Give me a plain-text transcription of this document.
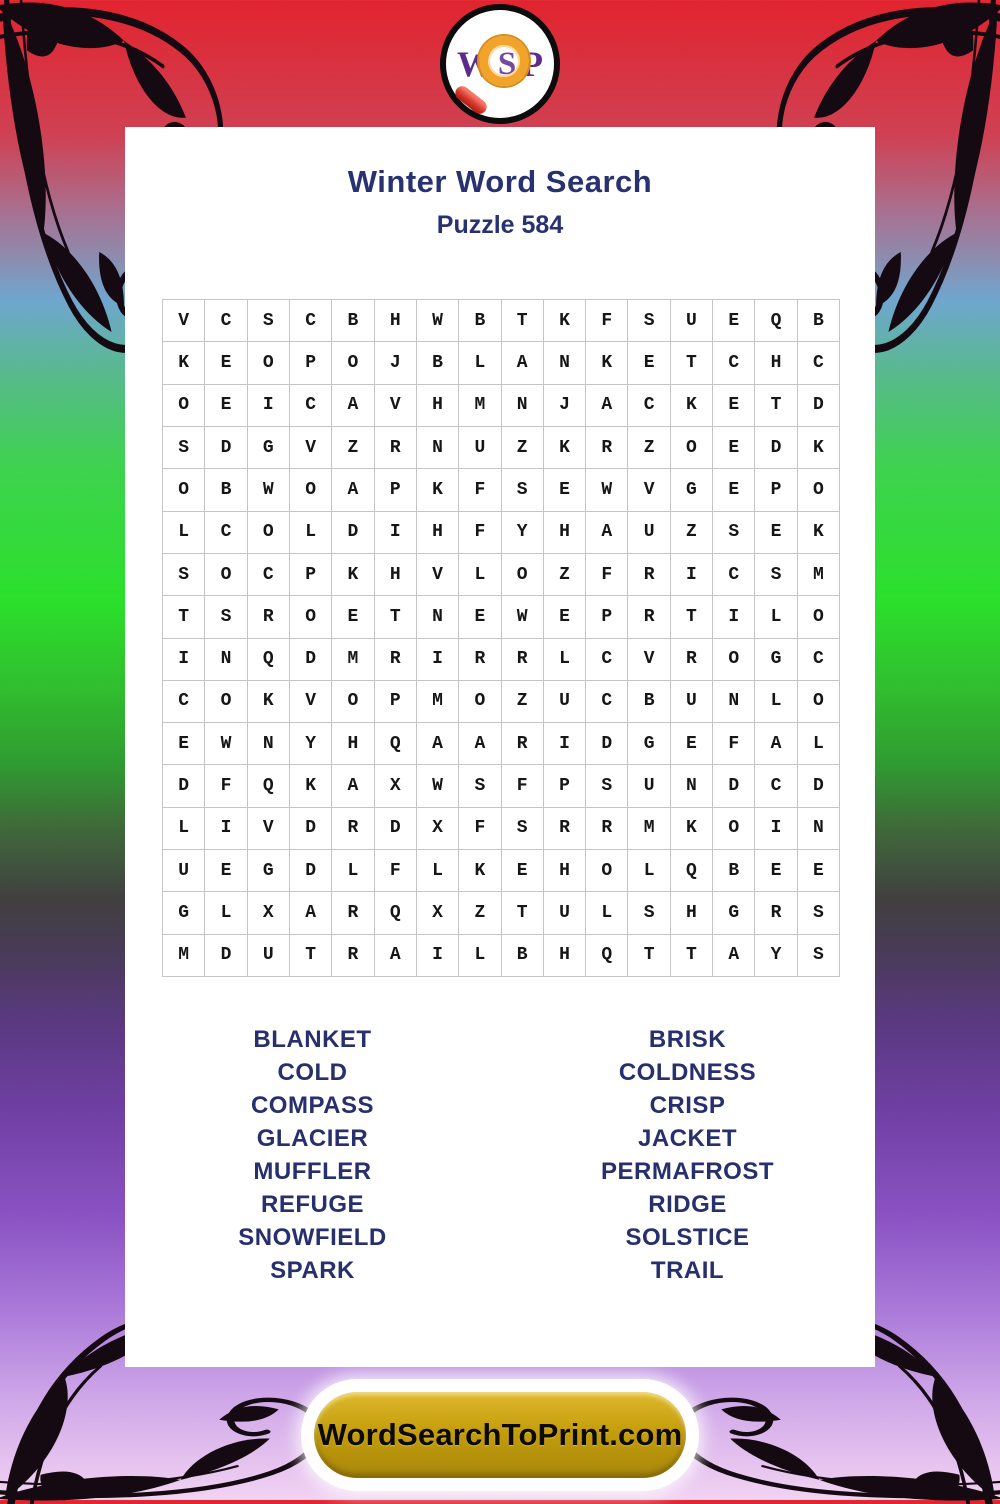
W S P
Winter Word Search
Puzzle 584
V	C	S	C	B	H	W	B	T	K	F	S	U	E	Q	B
K	E	O	P	O	J	B	L	A	N	K	E	T	C	H	C
O	E	I	C	A	V	H	M	N	J	A	C	K	E	T	D
S	D	G	V	Z	R	N	U	Z	K	R	Z	O	E	D	K
O	B	W	O	A	P	K	F	S	E	W	V	G	E	P	O
L	C	O	L	D	I	H	F	Y	H	A	U	Z	S	E	K
S	O	C	P	K	H	V	L	O	Z	F	R	I	C	S	M
T	S	R	O	E	T	N	E	W	E	P	R	T	I	L	O
I	N	Q	D	M	R	I	R	R	L	C	V	R	O	G	C
C	O	K	V	O	P	M	O	Z	U	C	B	U	N	L	O
E	W	N	Y	H	Q	A	A	R	I	D	G	E	F	A	L
D	F	Q	K	A	X	W	S	F	P	S	U	N	D	C	D
L	I	V	D	R	D	X	F	S	R	R	M	K	O	I	N
U	E	G	D	L	F	L	K	E	H	O	L	Q	B	E	E
G	L	X	A	R	Q	X	Z	T	U	L	S	H	G	R	S
M	D	U	T	R	A	I	L	B	H	Q	T	T	A	Y	S
BLANKET
COLD
COMPASS
GLACIER
MUFFLER
REFUGE
SNOWFIELD
SPARK
BRISK
COLDNESS
CRISP
JACKET
PERMAFROST
RIDGE
SOLSTICE
TRAIL
WordSearchToPrint.com
